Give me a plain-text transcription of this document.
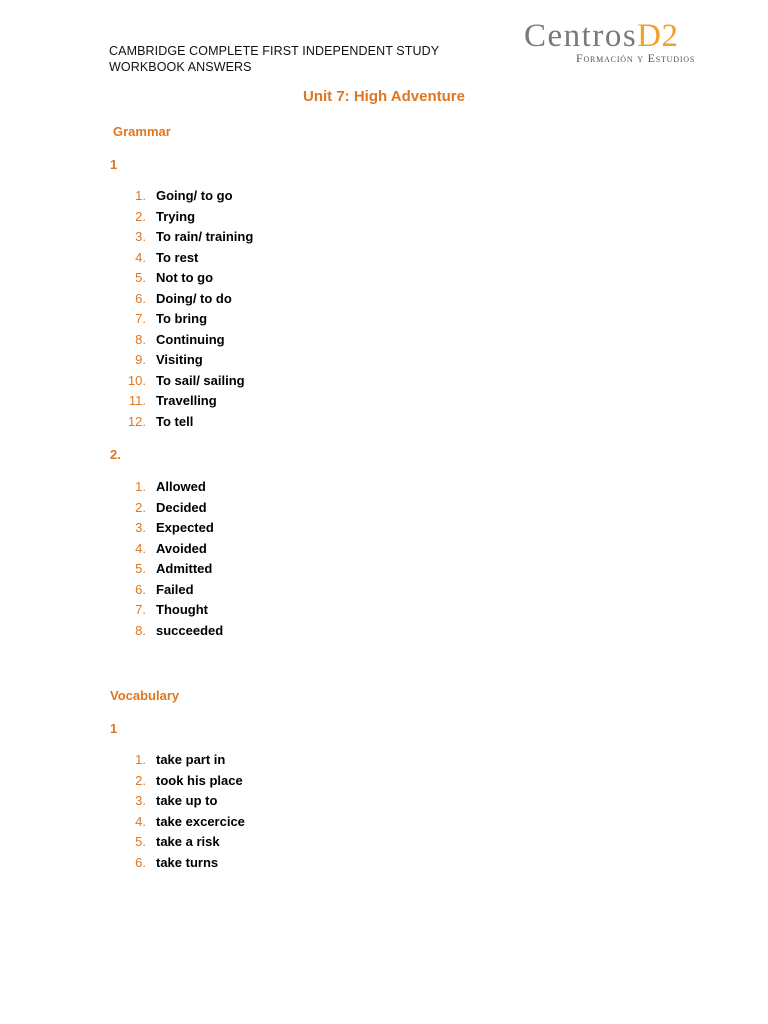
CAMBRIDGE COMPLETE FIRST INDEPENDENT STUDY
WORKBOOK ANSWERS
CentrosD2
Formación y Estudios
Unit 7: High Adventure
Grammar
1
1. Going/ to go
2. Trying
3. To rain/ training
4. To rest
5. Not to go
6. Doing/ to do
7. To bring
8. Continuing
9. Visiting
10. To sail/ sailing
11. Travelling
12. To tell
2.
1. Allowed
2. Decided
3. Expected
4. Avoided
5. Admitted
6. Failed
7. Thought
8. succeeded
Vocabulary
1
1. take part in
2. took his place
3. take up to
4. take excercice
5. take a risk
6. take turns
